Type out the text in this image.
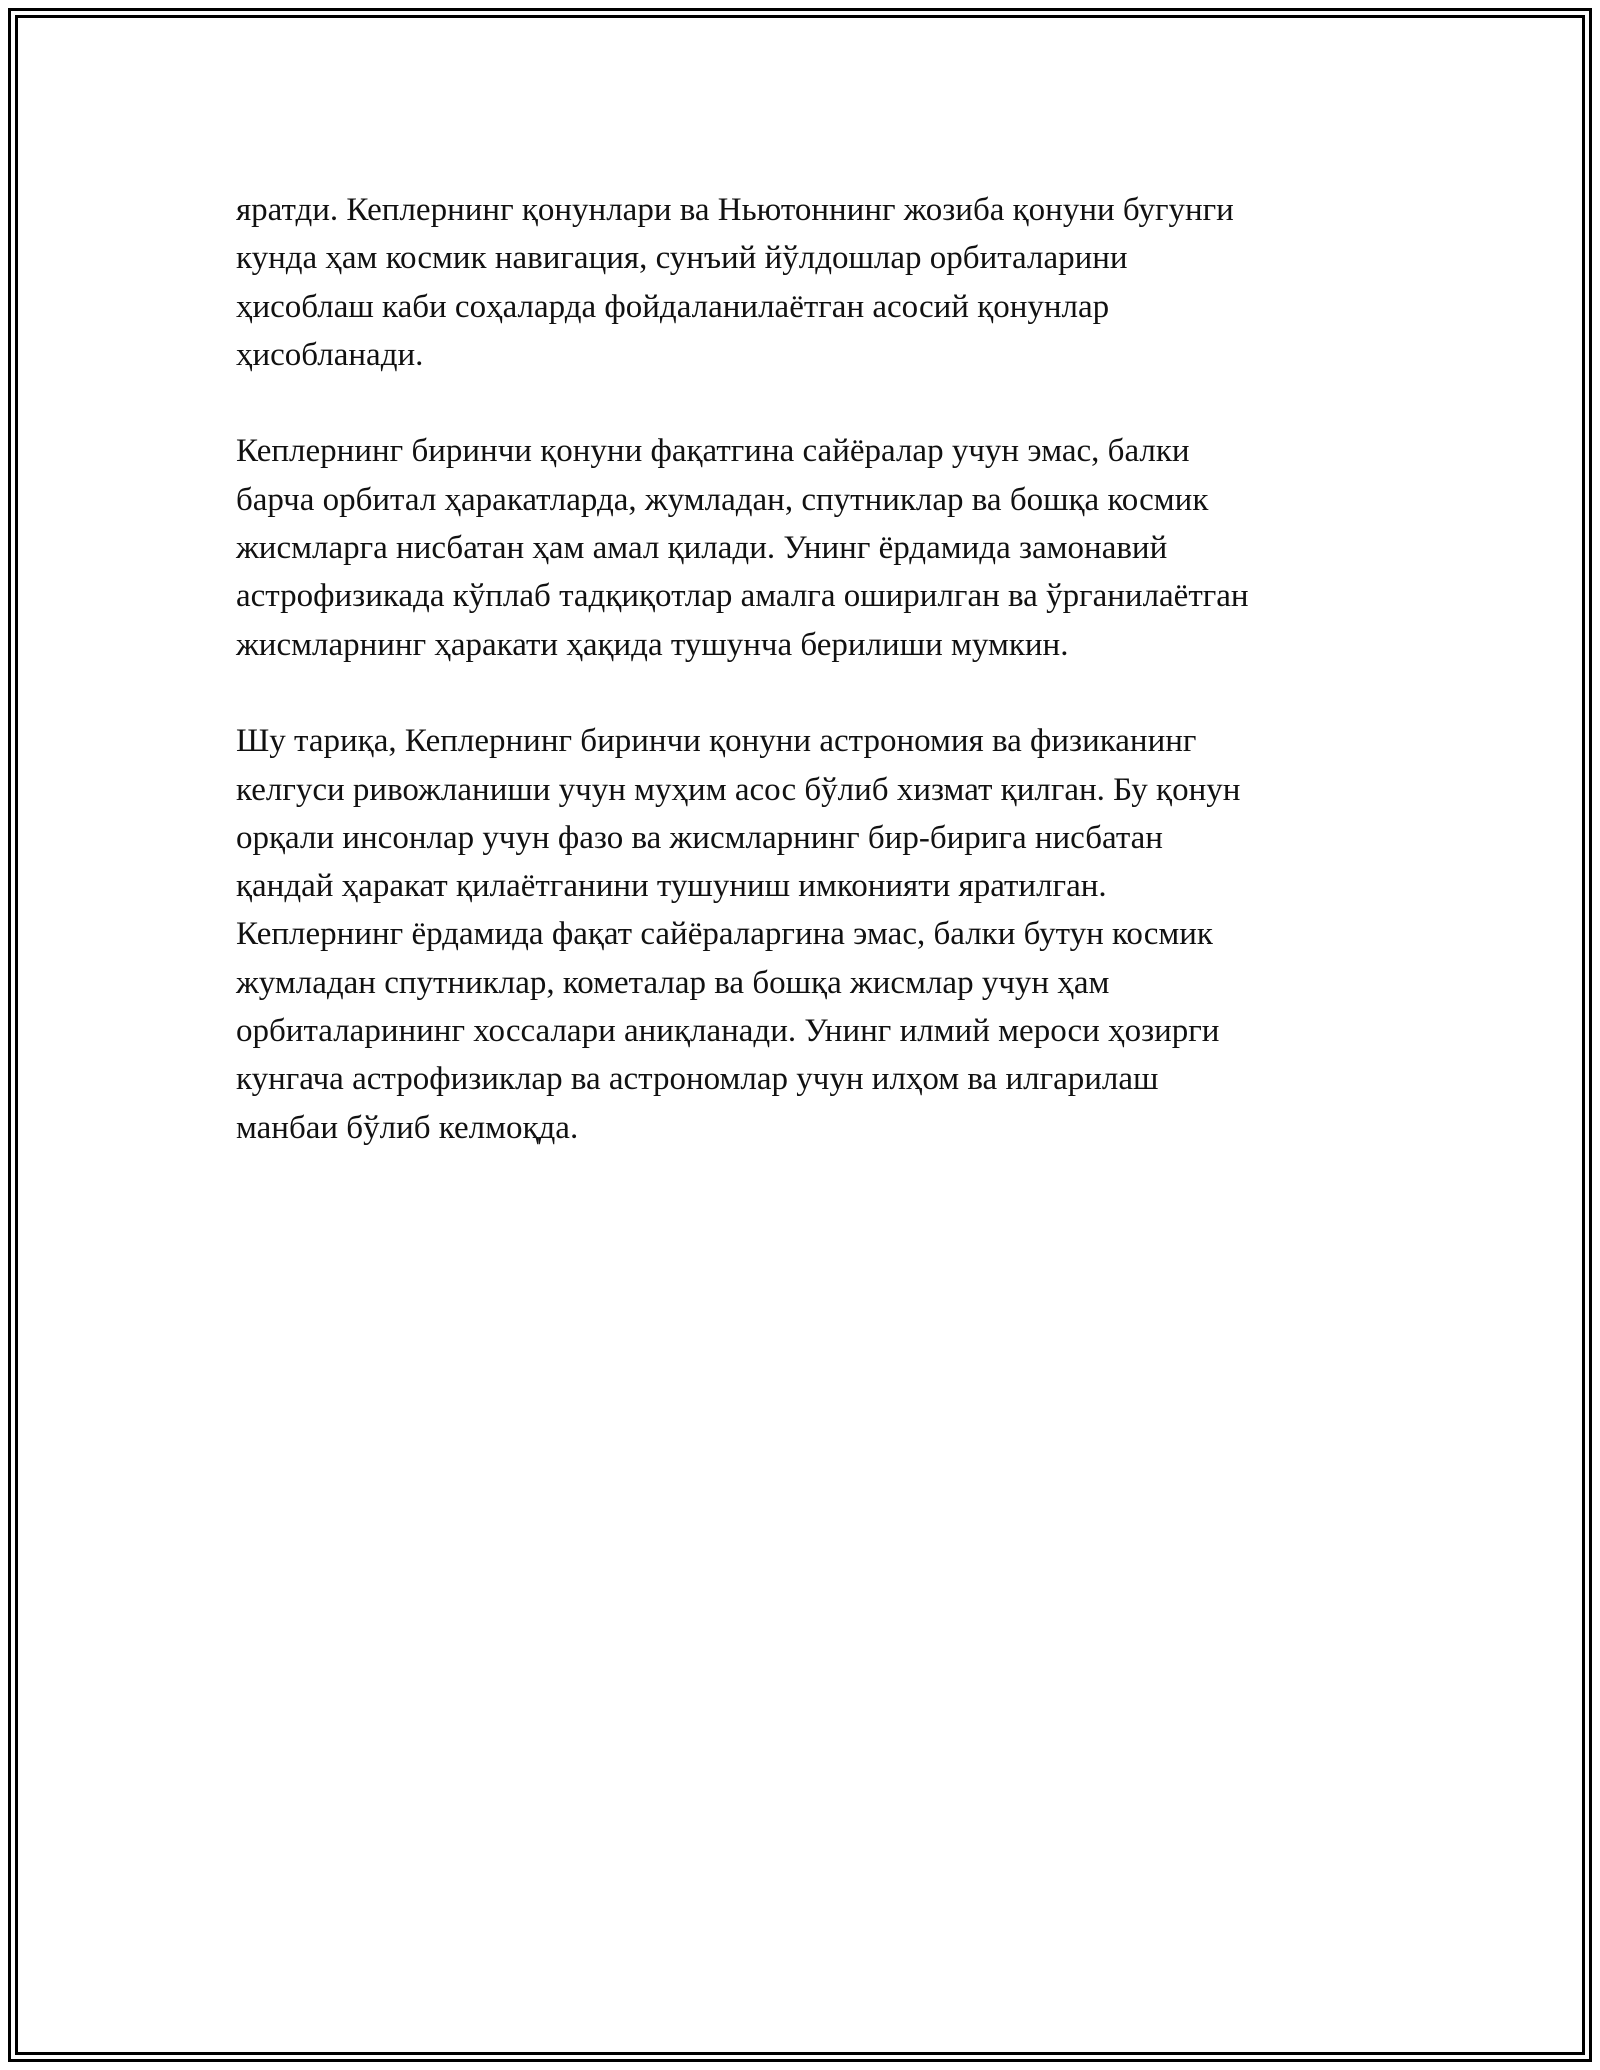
яратди. Кеплернинг қонунлари ва Ньютоннинг жозиба қонуни бугунги
кунда ҳам космик навигация, сунъий йўлдошлар орбиталарини
ҳисоблаш каби соҳаларда фойдаланилаётган асосий қонунлар
ҳисобланади.

Кеплернинг биринчи қонуни фақатгина сайёралар учун эмас, балки
барча орбитал ҳаракатларда, жумладан, спутниклар ва бошқа космик
жисмларга нисбатан ҳам амал қилади. Унинг ёрдамида замонавий
астрофизикада кўплаб тадқиқотлар амалга оширилган ва ўрганилаётган
жисмларнинг ҳаракати ҳақида тушунча берилиши мумкин.

Шу тариқа, Кеплернинг биринчи қонуни астрономия ва физиканинг
келгуси ривожланиши учун муҳим асос бўлиб хизмат қилган. Бу қонун
орқали инсонлар учун фазо ва жисмларнинг бир-бирига нисбатан
қандай ҳаракат қилаётганини тушуниш имконияти яратилган.
Кеплернинг ёрдамида фақат сайёраларгина эмас, балки бутун космик
жумладан спутниклар, кометалар ва бошқа жисмлар учун ҳам
орбиталарининг хоссалари аниқланади. Унинг илмий мероси ҳозирги
кунгача астрофизиклар ва астрономлар учун илҳом ва илгарилаш
манбаи бўлиб келмоқда.
